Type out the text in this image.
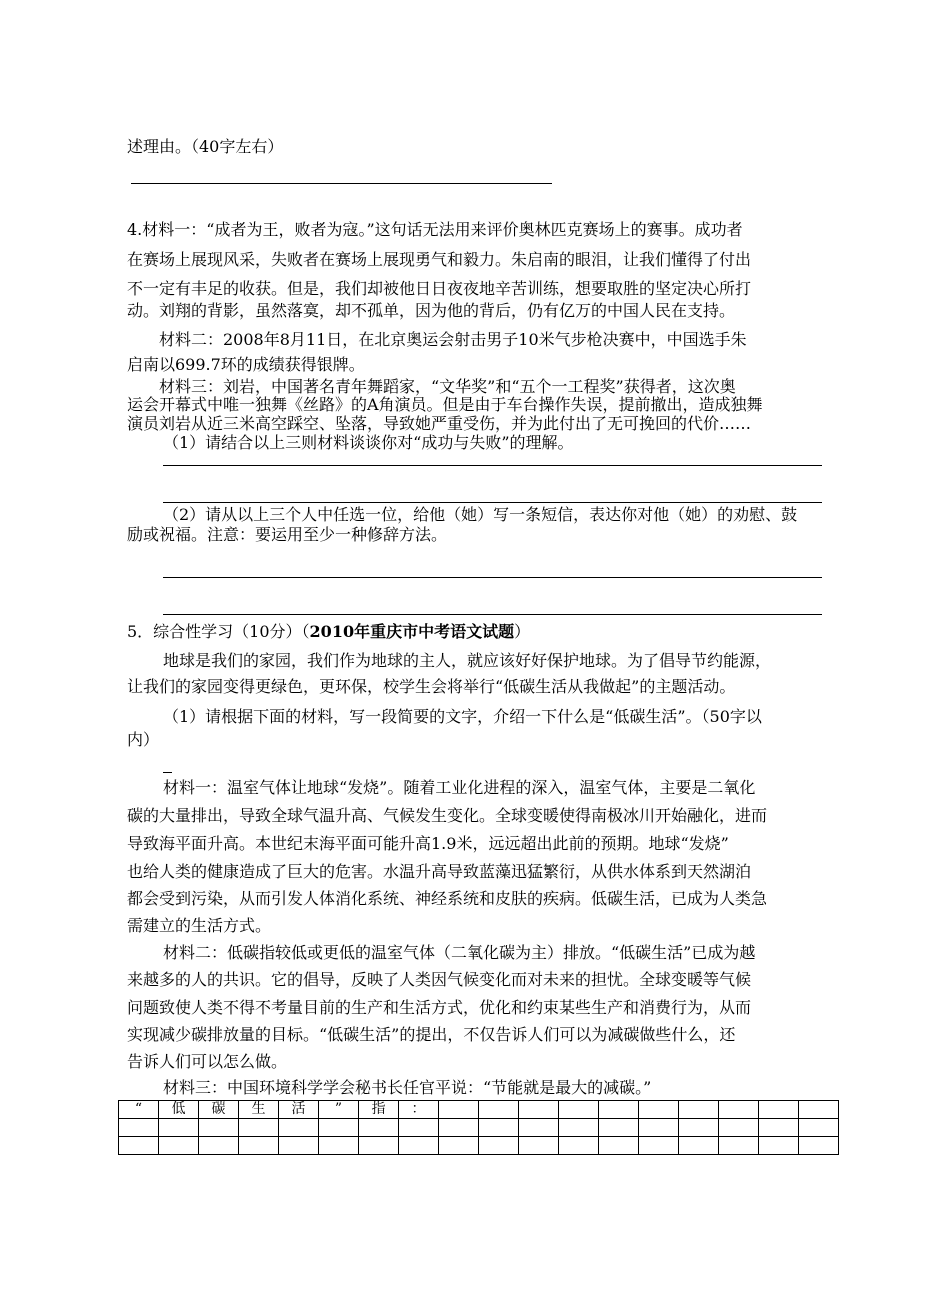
述理由。（40字左右）
4.材料一：“成者为王，败者为寇。”这句话无法用来评价奥林匹克赛场上的赛事。成功者
在赛场上展现风采，失败者在赛场上展现勇气和毅力。朱启南的眼泪，让我们懂得了付出
不一定有丰足的收获。但是，我们却被他日日夜夜地辛苦训练，想要取胜的坚定决心所打
动。刘翔的背影，虽然落寞，却不孤单，因为他的背后，仍有亿万的中国人民在支持。
材料二：2008年8月11日，在北京奥运会射击男子10米气步枪决赛中，中国选手朱
启南以699.7环的成绩获得银牌。
材料三：刘岩，中国著名青年舞蹈家，“文华奖”和“五个一工程奖”获得者，这次奥
运会开幕式中唯一独舞《丝路》的A角演员。但是由于车台操作失误，提前撤出，造成独舞
演员刘岩从近三米高空踩空、坠落，导致她严重受伤，并为此付出了无可挽回的代价……
（1）请结合以上三则材料谈谈你对“成功与失败”的理解。
（2）请从以上三个人中任选一位，给他（她）写一条短信，表达你对他（她）的劝慰、鼓
励或祝福。注意：要运用至少一种修辞方法。
5．综合性学习（10分）（2010年重庆市中考语文试题）
地球是我们的家园，我们作为地球的主人，就应该好好保护地球。为了倡导节约能源，
让我们的家园变得更绿色，更环保，校学生会将举行“低碳生活从我做起”的主题活动。
（1）请根据下面的材料，写一段简要的文字，介绍一下什么是“低碳生活”。（50字以
内）
材料一：温室气体让地球“发烧”。随着工业化进程的深入，温室气体，主要是二氧化
碳的大量排出，导致全球气温升高、气候发生变化。全球变暖使得南极冰川开始融化，进而
导致海平面升高。本世纪末海平面可能升高1.9米，远远超出此前的预期。地球“发烧”
也给人类的健康造成了巨大的危害。水温升高导致蓝藻迅猛繁衍，从供水体系到天然湖泊
都会受到污染，从而引发人体消化系统、神经系统和皮肤的疾病。低碳生活，已成为人类急
需建立的生活方式。
材料二：低碳指较低或更低的温室气体（二氧化碳为主）排放。“低碳生活”已成为越
来越多的人的共识。它的倡导，反映了人类因气候变化而对未来的担忧。全球变暖等气候
问题致使人类不得不考量目前的生产和生活方式，优化和约束某些生产和消费行为，从而
实现减少碳排放量的目标。“低碳生活”的提出，不仅告诉人们可以为减碳做些什么，还
告诉人们可以怎么做。
材料三：中国环境科学学会秘书长任官平说：“节能就是最大的减碳。”
“	低	碳	生	活	”	指	：										
